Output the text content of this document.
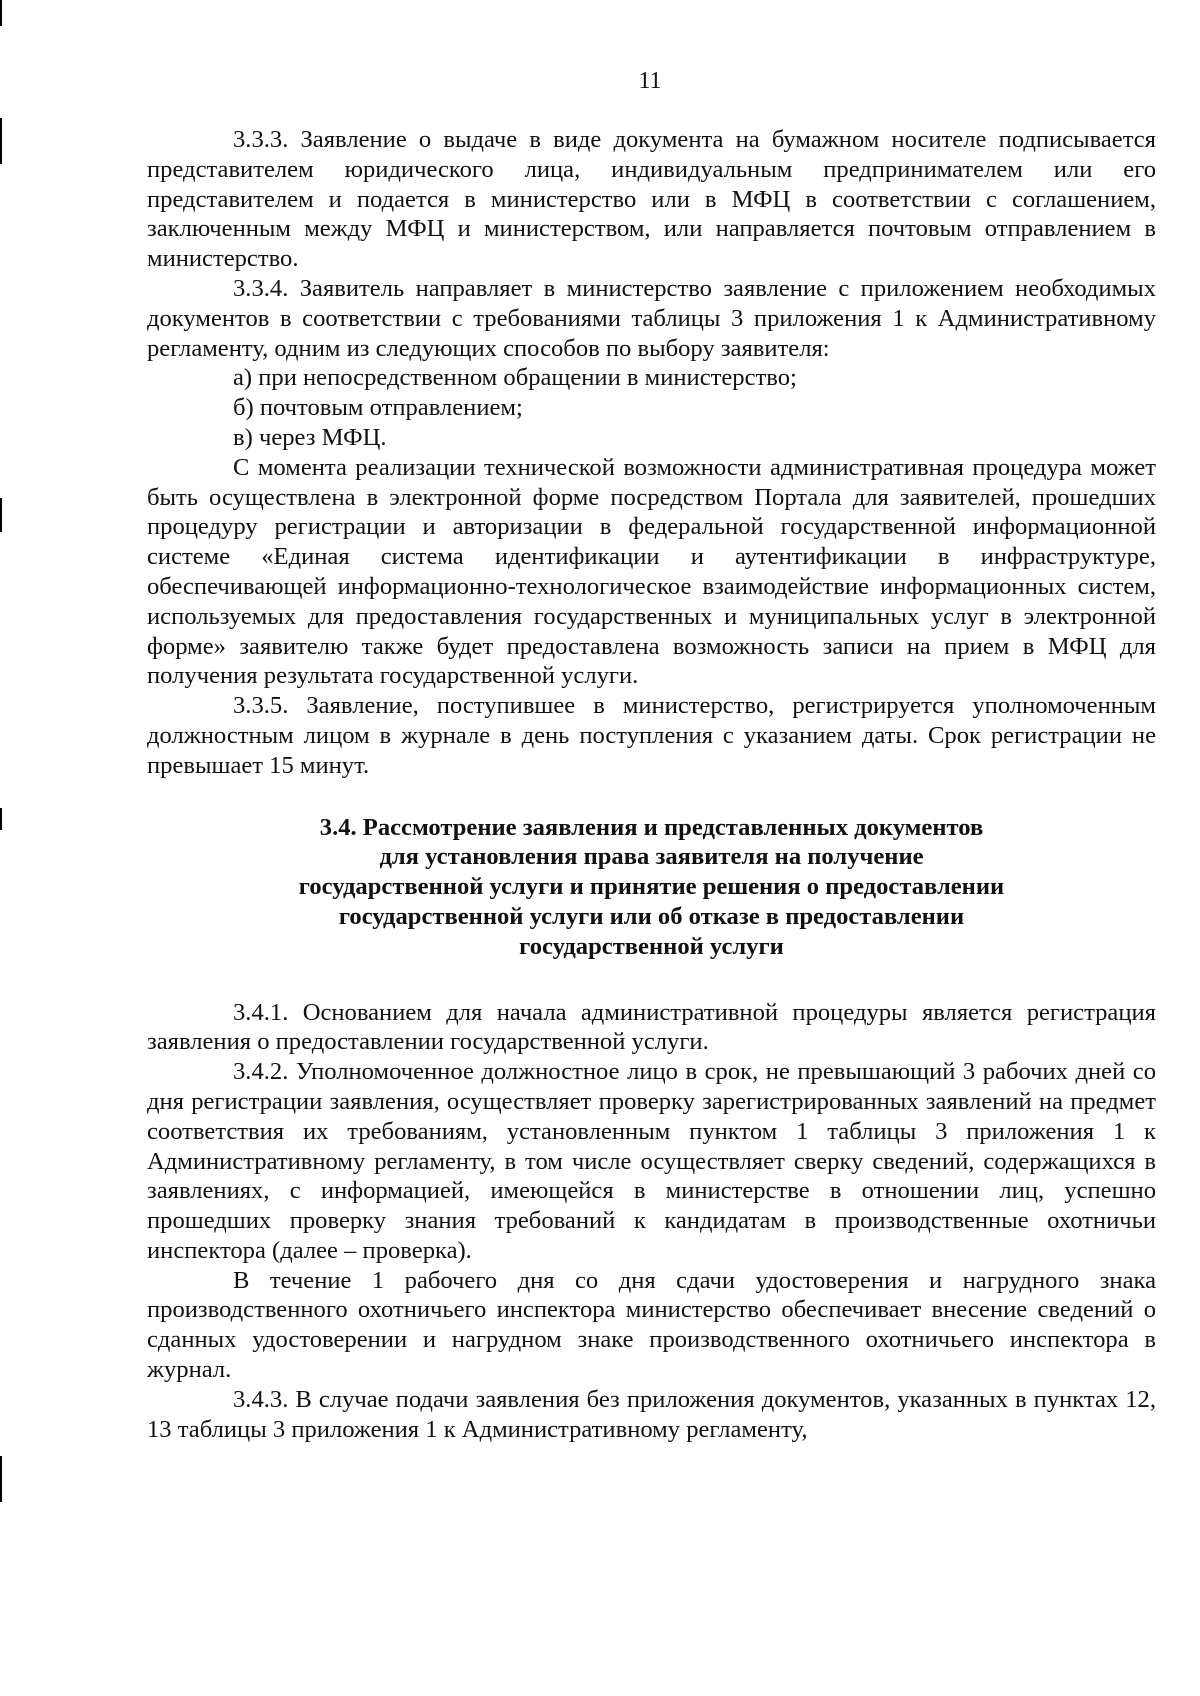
11

3.3.3. Заявление о выдаче в виде документа на бумажном носителе подписывается представителем юридического лица, индивидуальным предпринимателем или его представителем и подается в министерство или в МФЦ в соответствии с соглашением, заключенным между МФЦ и министерством, или направляется почтовым отправлением в министерство.

3.3.4. Заявитель направляет в министерство заявление с приложением необходимых документов в соответствии с требованиями таблицы 3 приложения 1 к Административному регламенту, одним из следующих способов по выбору заявителя:

а) при непосредственном обращении в министерство;

б) почтовым отправлением;

в) через МФЦ.

С момента реализации технической возможности административная процедура может быть осуществлена в электронной форме посредством Портала для заявителей, прошедших процедуру регистрации и авторизации в федеральной государственной информационной системе «Единая система идентификации и аутентификации в инфраструктуре, обеспечивающей информационно-технологическое взаимодействие информационных систем, используемых для предоставления государственных и муниципальных услуг в электронной форме» заявителю также будет предоставлена возможность записи на прием в МФЦ для получения результата государственной услуги.

3.3.5. Заявление, поступившее в министерство, регистрируется уполномоченным должностным лицом в журнале в день поступления с указанием даты. Срок регистрации не превышает 15 минут.

3.4. Рассмотрение заявления и представленных документов
для установления права заявителя на получение
государственной услуги и принятие решения о предоставлении
государственной услуги или об отказе в предоставлении
государственной услуги

3.4.1. Основанием для начала административной процедуры является регистрация заявления о предоставлении государственной услуги.

3.4.2. Уполномоченное должностное лицо в срок, не превышающий 3 рабочих дней со дня регистрации заявления, осуществляет проверку зарегистрированных заявлений на предмет соответствия их требованиям, установленным пунктом 1 таблицы 3 приложения 1 к Административному регламенту, в том числе осуществляет сверку сведений, содержащихся в заявлениях, с информацией, имеющейся в министерстве в отношении лиц, успешно прошедших проверку знания требований к кандидатам в производственные охотничьи инспектора (далее – проверка).

В течение 1 рабочего дня со дня сдачи удостоверения и нагрудного знака производственного охотничьего инспектора министерство обеспечивает внесение сведений о сданных удостоверении и нагрудном знаке производственного охотничьего инспектора в журнал.

3.4.3. В случае подачи заявления без приложения документов, указанных в пунктах 12, 13 таблицы 3 приложения 1 к Административному регламенту,
